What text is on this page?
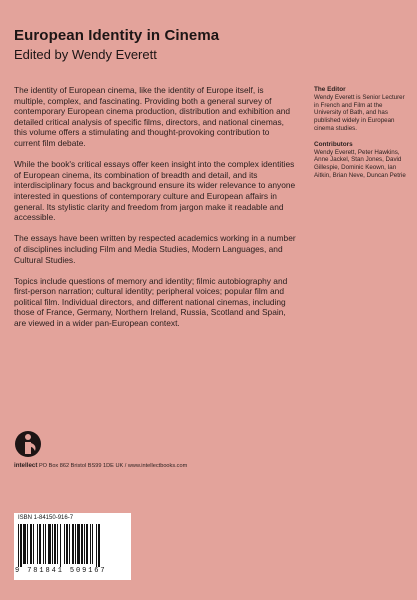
European Identity in Cinema
Edited by Wendy Everett

The identity of European cinema, like the identity of Europe itself, is multiple, complex, and fascinating. Providing both a general survey of contemporary European cinema production, distribution and exhibition and detailed critical analysis of specific films, directors, and national cinemas, this volume offers a stimulating and thought-provoking contribution to current film debate.

While the book's critical essays offer keen insight into the complex identities of European cinema, its combination of breadth and detail, and its interdisciplinary focus and background ensure its wider relevance to anyone interested in questions of contemporary culture and European affairs in general. Its stylistic clarity and freedom from jargon make it readable and accessible.

The essays have been written by respected academics working in a number of disciplines including Film and Media Studies, Modern Languages, and Cultural Studies.

Topics include questions of memory and identity; filmic autobiography and first-person narration; cultural identity; peripheral voices; popular film and political film. Individual directors, and different national cinemas, including those of France, Germany, Northern Ireland, Russia, Scotland and Spain, are viewed in a wider pan-European context.

The Editor

Wendy Everett is Senior Lecturer in French and Film at the University of Bath, and has published widely in European cinema studies.

Contributors

Wendy Everett, Peter Hawkins, Anne Jackel, Stan Jones, David Gillespie, Dominic Keown, Ian Aitkin, Brian Neve, Duncan Petrie

intellect PO Box 862 Bristol BS99 1DE UK / www.intellectbooks.com
ISBN 1-84150-916-7
9 781841 509167
